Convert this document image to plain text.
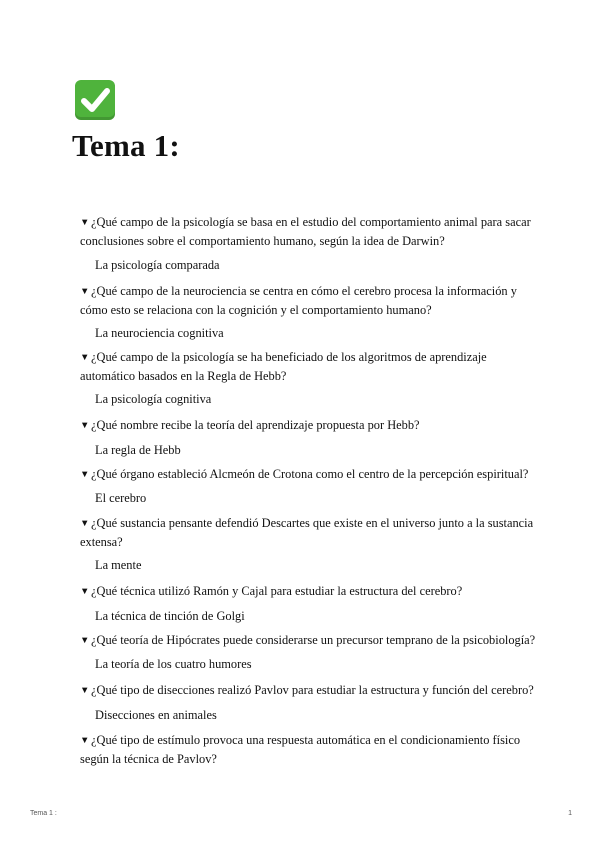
Tema 1:

▼ ¿Qué campo de la psicología se basa en el estudio del comportamiento animal para sacar conclusiones sobre el comportamiento humano, según la idea de Darwin?

La psicología comparada

▼ ¿Qué campo de la neurociencia se centra en cómo el cerebro procesa la información y cómo esto se relaciona con la cognición y el comportamiento humano?

La neurociencia cognitiva

▼ ¿Qué campo de la psicología se ha beneficiado de los algoritmos de aprendizaje automático basados en la Regla de Hebb?

La psicología cognitiva

▼ ¿Qué nombre recibe la teoría del aprendizaje propuesta por Hebb?

La regla de Hebb

▼ ¿Qué órgano estableció Alcmeón de Crotona como el centro de la percepción espiritual?

El cerebro

▼ ¿Qué sustancia pensante defendió Descartes que existe en el universo junto a la sustancia extensa?

La mente

▼ ¿Qué técnica utilizó Ramón y Cajal para estudiar la estructura del cerebro?

La técnica de tinción de Golgi

▼ ¿Qué teoría de Hipócrates puede considerarse un precursor temprano de la psicobiología?

La teoría de los cuatro humores

▼ ¿Qué tipo de disecciones realizó Pavlov para estudiar la estructura y función del cerebro?

Disecciones en animales

▼ ¿Qué tipo de estímulo provoca una respuesta automática en el condicionamiento físico según la técnica de Pavlov?

Tema 1 :	1
